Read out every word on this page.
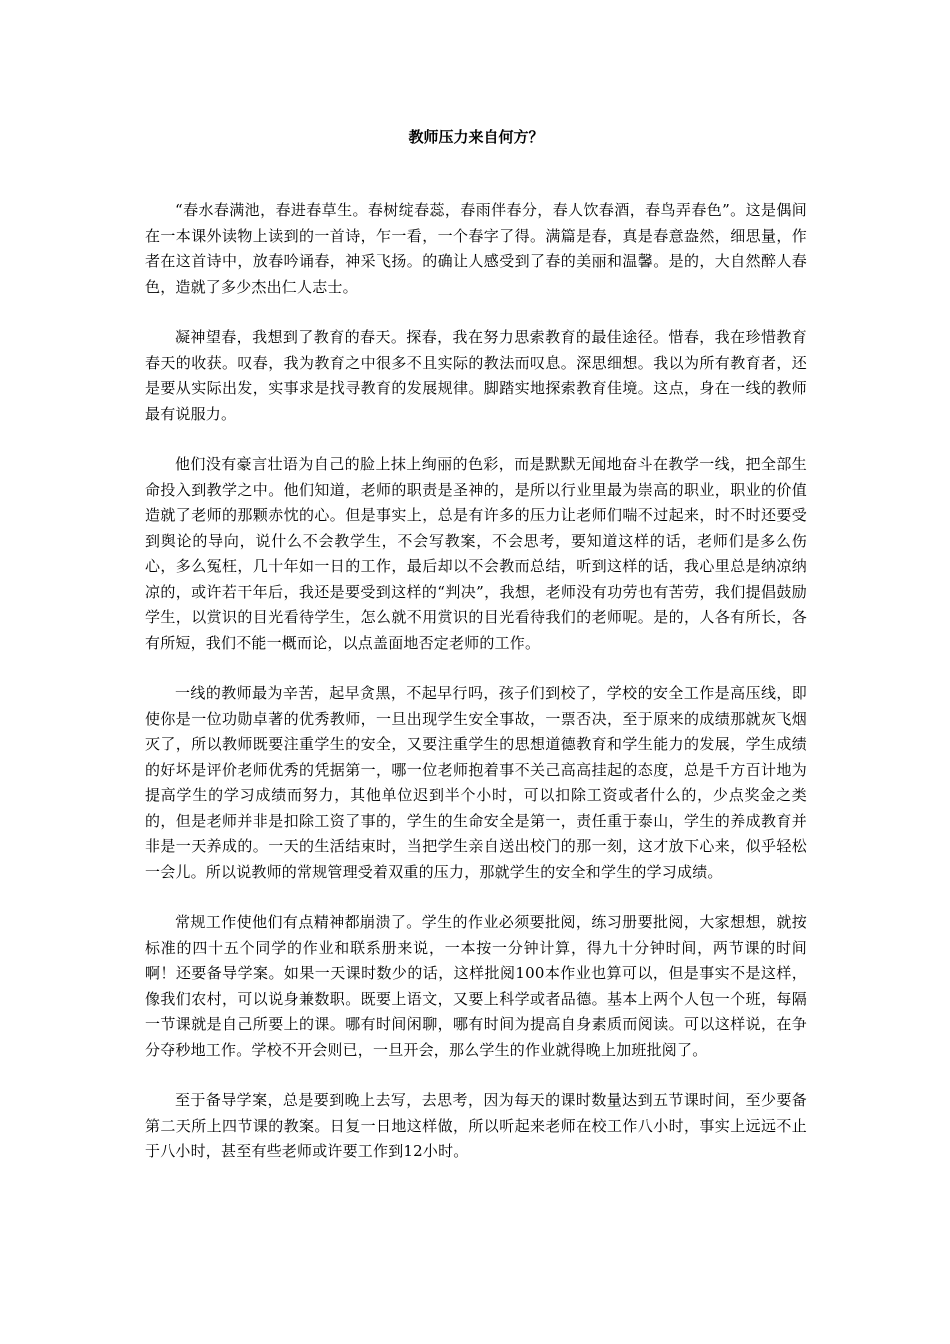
教师压力来自何方？

“春水春满池，春进春草生。春树绽春蕊，春雨伴春分，春人饮春酒，春鸟弄春色”。这是偶间在一本课外读物上读到的一首诗，乍一看，一个春字了得。满篇是春，真是春意盎然，细思量，作者在这首诗中，放春吟诵春，神采飞扬。的确让人感受到了春的美丽和温馨。是的，大自然醉人春色，造就了多少杰出仁人志士。

凝神望春，我想到了教育的春天。探春，我在努力思索教育的最佳途径。惜春，我在珍惜教育春天的收获。叹春，我为教育之中很多不且实际的教法而叹息。深思细想。我以为所有教育者，还是要从实际出发，实事求是找寻教育的发展规律。脚踏实地探索教育佳境。这点，身在一线的教师最有说服力。

他们没有豪言壮语为自己的脸上抹上绚丽的色彩，而是默默无闻地奋斗在教学一线，把全部生命投入到教学之中。他们知道，老师的职责是圣神的，是所以行业里最为崇高的职业，职业的价值造就了老师的那颗赤忱的心。但是事实上，总是有许多的压力让老师们喘不过起来，时不时还要受到舆论的导向，说什么不会教学生，不会写教案，不会思考，要知道这样的话，老师们是多么伤心，多么冤枉，几十年如一日的工作，最后却以不会教而总结，听到这样的话，我心里总是纳凉纳凉的，或许若干年后，我还是要受到这样的“判决”，我想，老师没有功劳也有苦劳，我们提倡鼓励学生，以赏识的目光看待学生，怎么就不用赏识的目光看待我们的老师呢。是的，人各有所长，各有所短，我们不能一概而论，以点盖面地否定老师的工作。

一线的教师最为辛苦，起早贪黑，不起早行吗，孩子们到校了，学校的安全工作是高压线，即使你是一位功勋卓著的优秀教师，一旦出现学生安全事故，一票否决，至于原来的成绩那就灰飞烟灭了，所以教师既要注重学生的安全，又要注重学生的思想道德教育和学生能力的发展，学生成绩的好坏是评价老师优秀的凭据第一，哪一位老师抱着事不关己高高挂起的态度，总是千方百计地为提高学生的学习成绩而努力，其他单位迟到半个小时，可以扣除工资或者什么的，少点奖金之类的，但是老师并非是扣除工资了事的，学生的生命安全是第一，责任重于泰山，学生的养成教育并非是一天养成的。一天的生活结束时，当把学生亲自送出校门的那一刻，这才放下心来，似乎轻松一会儿。所以说教师的常规管理受着双重的压力，那就学生的安全和学生的学习成绩。

常规工作使他们有点精神都崩溃了。学生的作业必须要批阅，练习册要批阅，大家想想，就按标准的四十五个同学的作业和联系册来说，一本按一分钟计算，得九十分钟时间，两节课的时间啊！还要备导学案。如果一天课时数少的话，这样批阅100本作业也算可以，但是事实不是这样，像我们农村，可以说身兼数职。既要上语文，又要上科学或者品德。基本上两个人包一个班，每隔一节课就是自己所要上的课。哪有时间闲聊，哪有时间为提高自身素质而阅读。可以这样说，在争分夺秒地工作。学校不开会则已，一旦开会，那么学生的作业就得晚上加班批阅了。

至于备导学案，总是要到晚上去写，去思考，因为每天的课时数量达到五节课时间，至少要备第二天所上四节课的教案。日复一日地这样做，所以听起来老师在校工作八小时，事实上远远不止于八小时，甚至有些老师或许要工作到12小时。
